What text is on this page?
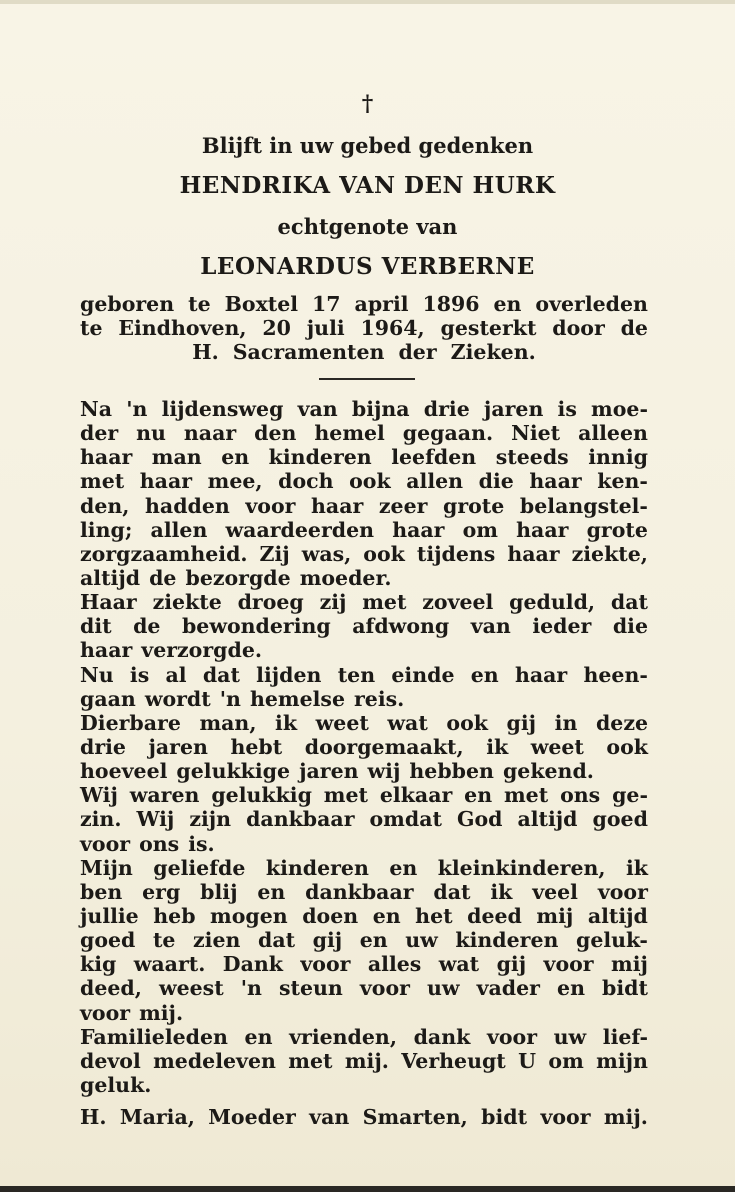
†
Blijft in uw gebed gedenken
HENDRIKA VAN DEN HURK
echtgenote van
LEONARDUS VERBERNE
geboren te Boxtel 17 april 1896 en overleden
te Eindhoven, 20 juli 1964, gesterkt door de
H. Sacramenten der Zieken.
Na 'n lijdensweg van bijna drie jaren is moe-
der nu naar den hemel gegaan. Niet alleen
haar man en kinderen leefden steeds innig
met haar mee, doch ook allen die haar ken-
den, hadden voor haar zeer grote belangstel-
ling; allen waardeerden haar om haar grote
zorgzaamheid. Zij was, ook tijdens haar ziekte,
altijd de bezorgde moeder.
Haar ziekte droeg zij met zoveel geduld, dat
dit de bewondering afdwong van ieder die
haar verzorgde.
Nu is al dat lijden ten einde en haar heen-
gaan wordt 'n hemelse reis.
Dierbare man, ik weet wat ook gij in deze
drie jaren hebt doorgemaakt, ik weet ook
hoeveel gelukkige jaren wij hebben gekend.
Wij waren gelukkig met elkaar en met ons ge-
zin. Wij zijn dankbaar omdat God altijd goed
voor ons is.
Mijn geliefde kinderen en kleinkinderen, ik
ben erg blij en dankbaar dat ik veel voor
jullie heb mogen doen en het deed mij altijd
goed te zien dat gij en uw kinderen geluk-
kig waart. Dank voor alles wat gij voor mij
deed, weest 'n steun voor uw vader en bidt
voor mij.
Familieleden en vrienden, dank voor uw lief-
devol medeleven met mij. Verheugt U om mijn
geluk.
H. Maria, Moeder van Smarten, bidt voor mij.
